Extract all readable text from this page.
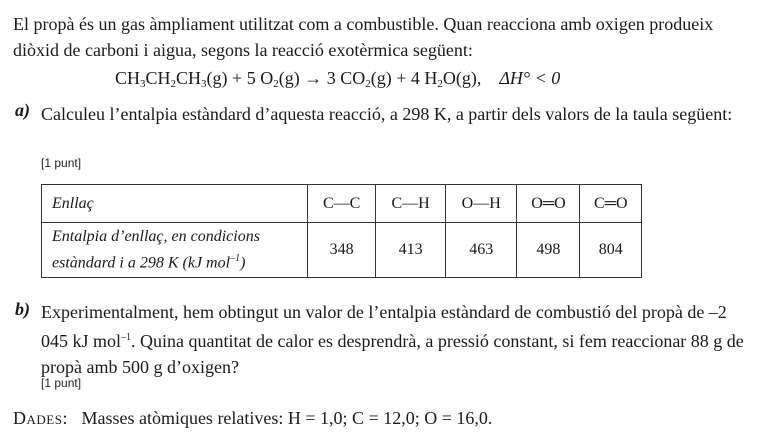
El propà és un gas àmpliament utilitzat com a combustible. Quan reacciona amb oxigen produeix diòxid de carboni i aigua, segons la reacció exotèrmica següent:
$CH_3CH_2CH_3(g) + 5$ $O_2(g) \to 3$ $CO_2(g) + 4$ $H_2O(g)$, ΔH° < 0
a) Calculeu l’entalpia estàndard d’aquesta reacció, a 298 K, a partir dels valors de la taula següent:
[1 punt]
Enllaç	C—C	C—H	O—H	O═O	C═O
Entalpia d’enllaç, en condicions
estàndard i a 298 K (kJ mol$^{-1}$)	348	413	463	498	804
b) Experimentalment, hem obtingut un valor de l’entalpia estàndard de combustió del propà de –2 045 kJ mol$^{-1}$. Quina quantitat de calor es desprendrà, a pressió constant, si fem reaccionar 88 g de propà amb 500 g d’oxigen?
[1 punt]
Dades: Masses atòmiques relatives: H = 1,0; C = 12,0; O = 16,0.
